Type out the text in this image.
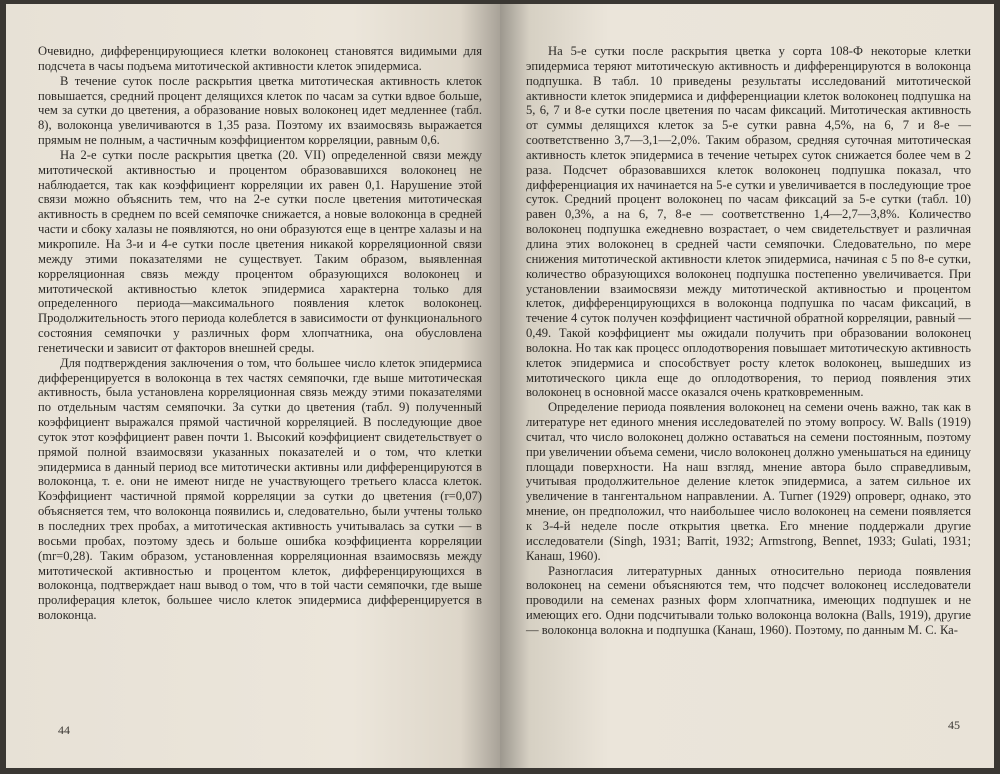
Очевидно, дифференцирующиеся клетки волоконец становятся видимыми для подсчета в часы подъема митотической активности клеток эпидермиса.

В течение суток после раскрытия цветка митотическая активность клеток повышается, средний процент делящихся клеток по часам за сутки вдвое больше, чем за сутки до цветения, а образование новых волоконец идет медленнее (табл. 8), волоконца увеличиваются в 1,35 раза. Поэтому их взаимосвязь выражается прямым не полным, а частичным коэффициентом корреляции, равным 0,6.

На 2-е сутки после раскрытия цветка (20. VII) определенной связи между митотической активностью и процентом образовавшихся волоконец не наблюдается, так как коэффициент корреляции их равен 0,1. Нарушение этой связи можно объяснить тем, что на 2-е сутки после цветения митотическая активность в среднем по всей семяпочке снижается, а новые волоконца в средней части и сбоку халазы не появляются, но они образуются еще в центре халазы и на микропиле. На 3-и и 4-е сутки после цветения никакой корреляционной связи между этими показателями не существует. Таким образом, выявленная корреляционная связь между процентом образующихся волоконец и митотической активностью клеток эпидермиса характерна только для определенного периода—максимального появления клеток волоконец. Продолжительность этого периода колеблется в зависимости от функционального состояния семяпочки у различных форм хлопчатника, она обусловлена генетически и зависит от факторов внешней среды.

Для подтверждения заключения о том, что большее число клеток эпидермиса дифференцируется в волоконца в тех частях семяпочки, где выше митотическая активность, была установлена корреляционная связь между этими показателями по отдельным частям семяпочки. За сутки до цветения (табл. 9) полученный коэффициент выражался прямой частичной корреляцией. В последующие двое суток этот коэффициент равен почти 1. Высокий коэффициент свидетельствует о прямой полной взаимосвязи указанных показателей и о том, что клетки эпидермиса в данный период все митотически активны или дифференцируются в волоконца, т. е. они не имеют нигде не участвующего третьего класса клеток. Коэффициент частичной прямой корреляции за сутки до цветения (r=0,07) объясняется тем, что волоконца появились и, следовательно, были учтены только в последних трех пробах, а митотическая активность учитывалась за сутки — в восьми пробах, поэтому здесь и больше ошибка коэффициента корреляции (mr=0,28). Таким образом, установленная корреляционная взаимосвязь между митотической активностью и процентом клеток, дифференцирующихся в волоконца, подтверждает наш вывод о том, что в той части семяпочки, где выше пролиферация клеток, большее число клеток эпидермиса дифференцируется в волоконца.

44

На 5-е сутки после раскрытия цветка у сорта 108-Ф некоторые клетки эпидермиса теряют митотическую активность и дифференцируются в волоконца подпушка. В табл. 10 приведены результаты исследований митотической активности клеток эпидермиса и дифференциации клеток волоконец подпушка на 5, 6, 7 и 8-е сутки после цветения по часам фиксаций. Митотическая активность от суммы делящихся клеток за 5-е сутки равна 4,5%, на 6, 7 и 8-е — соответственно 3,7—3,1—2,0%. Таким образом, средняя суточная митотическая активность клеток эпидермиса в течение четырех суток снижается более чем в 2 раза. Подсчет образовавшихся клеток волоконец подпушка показал, что дифференциация их начинается на 5-е сутки и увеличивается в последующие трое суток. Средний процент волоконец по часам фиксаций за 5-е сутки (табл. 10) равен 0,3%, а на 6, 7, 8-е — соответственно 1,4—2,7—3,8%. Количество волоконец подпушка ежедневно возрастает, о чем свидетельствует и различная длина этих волоконец в средней части семяпочки. Следовательно, по мере снижения митотической активности клеток эпидермиса, начиная с 5 по 8-е сутки, количество образующихся волоконец подпушка постепенно увеличивается. При установлении взаимосвязи между митотической активностью и процентом клеток, дифференцирующихся в волоконца подпушка по часам фиксаций, в течение 4 суток получен коэффициент частичной обратной корреляции, равный —0,49. Такой коэффициент мы ожидали получить при образовании волоконец волокна. Но так как процесс оплодотворения повышает митотическую активность клеток эпидермиса и способствует росту клеток волоконец, вышедших из митотического цикла еще до оплодотворения, то период появления этих волоконец в основной массе оказался очень кратковременным.

Определение периода появления волоконец на семени очень важно, так как в литературе нет единого мнения исследователей по этому вопросу. W. Balls (1919) считал, что число волоконец должно оставаться на семени постоянным, поэтому при увеличении объема семени, число волоконец должно уменьшаться на единицу площади поверхности. На наш взгляд, мнение автора было справедливым, учитывая продолжительное деление клеток эпидермиса, а затем сильное их увеличение в тангентальном направлении. A. Turner (1929) опроверг, однако, это мнение, он предположил, что наибольшее число волоконец на семени появляется к 3-4-й неделе после открытия цветка. Его мнение поддержали другие исследователи (Singh, 1931; Barrit, 1932; Armstrong, Bennet, 1933; Gulati, 1931; Канаш, 1960).

Разногласия литературных данных относительно периода появления волоконец на семени объясняются тем, что подсчет волоконец исследователи проводили на семенах разных форм хлопчатника, имеющих подпушек и не имеющих его. Одни подсчитывали только волоконца волокна (Balls, 1919), другие — волоконца волокна и подпушка (Канаш, 1960). Поэтому, по данным М. С. Ка-

45
